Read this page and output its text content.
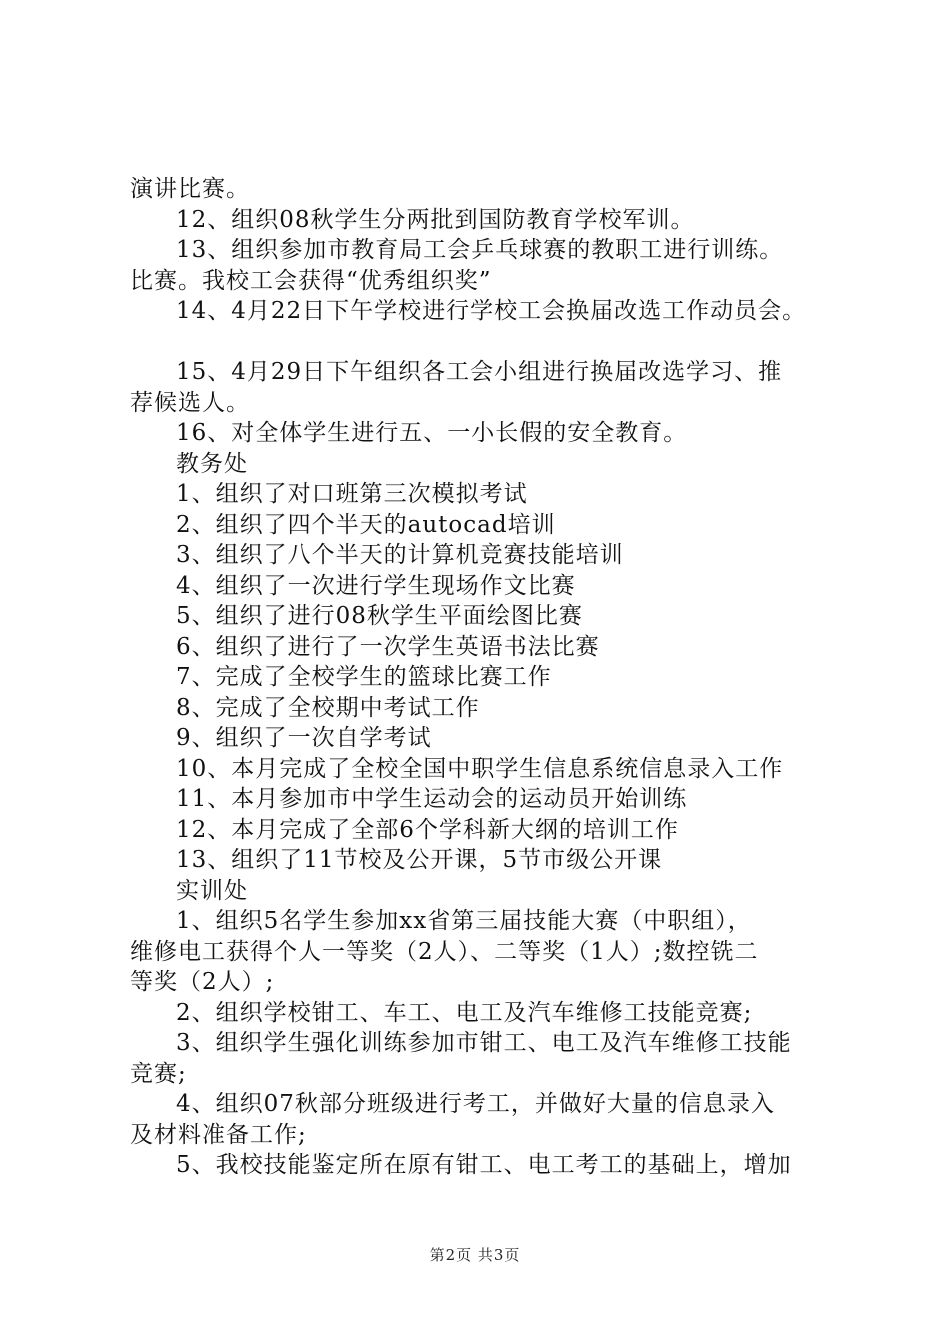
演讲比赛。
12、组织08秋学生分两批到国防教育学校军训。
13、组织参加市教育局工会乒乓球赛的教职工进行训练。
比赛。我校工会获得“优秀组织奖”
14、4月22日下午学校进行学校工会换届改选工作动员会。
15、4月29日下午组织各工会小组进行换届改选学习、推
荐候选人。
16、对全体学生进行五、一小长假的安全教育。
教务处
1、组织了对口班第三次模拟考试
2、组织了四个半天的autocad培训
3、组织了八个半天的计算机竞赛技能培训
4、组织了一次进行学生现场作文比赛
5、组织了进行08秋学生平面绘图比赛
6、组织了进行了一次学生英语书法比赛
7、完成了全校学生的篮球比赛工作
8、完成了全校期中考试工作
9、组织了一次自学考试
10、本月完成了全校全国中职学生信息系统信息录入工作
11、本月参加市中学生运动会的运动员开始训练
12、本月完成了全部6个学科新大纲的培训工作
13、组织了11节校及公开课，5节市级公开课
实训处
1、组织5名学生参加xx省第三届技能大赛（中职组），
维修电工获得个人一等奖（2人）、二等奖（1人）;数控铣二
等奖（2人）;
2、组织学校钳工、车工、电工及汽车维修工技能竞赛;
3、组织学生强化训练参加市钳工、电工及汽车维修工技能
竞赛;
4、组织07秋部分班级进行考工，并做好大量的信息录入
及材料准备工作;
5、我校技能鉴定所在原有钳工、电工考工的基础上，增加
第2页 共3页
